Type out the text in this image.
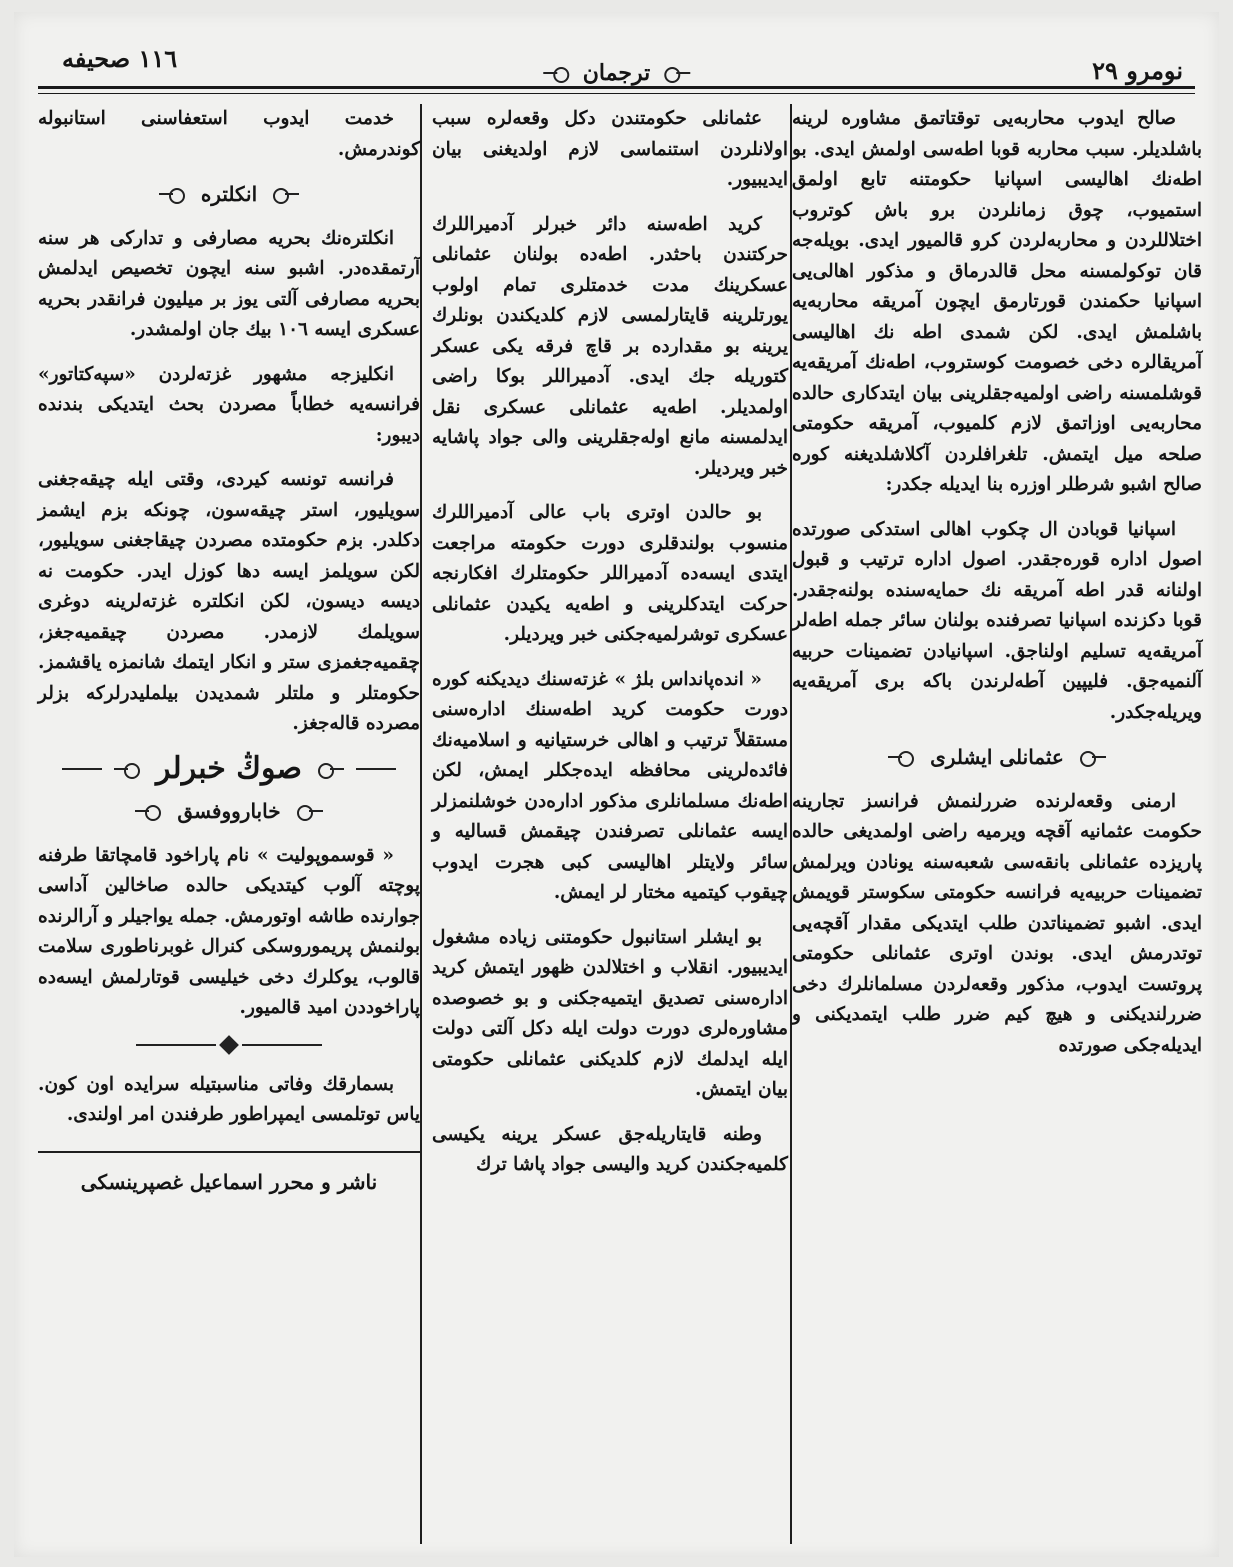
نومرو ٢٩
ترجمان
١١٦ صحيفه

صالح ايدوب محاربه‌يى توقتاتمق مشاوره لرينه باشلديلر. سبب محاربه قوبا اطه‌سى اولمش ايدى. بو اطه‌نك اهاليسى اسپانيا حكومتنه تابع اولمق استميوب، چوق زمانلردن برو باش كوتروب اختلاللردن و محاربه‌لردن كرو قالميور ايدى. بويله‌جه قان توكولمسنه محل قالدرماق و مذكور اهالى‌يى اسپانيا حكمندن قورتارمق ايچون آمريقه محاربه‌يه باشلمش ايدى. لكن شمدى اطه نك اهاليسى آمريقالره دخى خصومت كوستروب، اطه‌نك آمريقه‌يه قوشلمسنه راضى اولميه‌جقلرينى بيان ايتدكارى حالده محاربه‌يى اوزاتمق لازم كلميوب، آمريقه حكومتى صلحه ميل ايتمش. تلغرافلردن آكلاشلديغنه كوره صالح اشبو شرطلر اوزره بنا ايديله جكدر:

اسپانيا قوبادن ال چكوب اهالى استدكى صورتده اصول اداره قوره‌جقدر. اصول اداره ترتيب و قبول اولنانه قدر اطه آمريقه نك حمايه‌سنده بولنه‌جقدر. قوبا دكزنده اسپانيا تصرفنده بولنان سائر جمله اطه‌لر آمريقه‌يه تسليم اولناجق. اسپانيادن تضمينات حربيه آلنميه‌جق. فليپين آطه‌لرندن باكه برى آمريقه‌يه ويريله‌جكدر.

عثمانلى ايشلرى

ارمنى وقعه‌لرنده ضررلنمش فرانسز تجارينه حكومت عثمانيه آقچه ويرميه راضى اولمديغى حالده پاريزده عثمانلى بانقه‌سى شعبه‌سنه يونادن ويرلمش تضمينات حربيه‌يه فرانسه حكومتى سكوستر قويمش ايدى. اشبو تضميناتدن طلب ايتديكى مقدار آقچه‌يى توتدرمش ايدى. بوندن اوترى عثمانلى حكومتى پروتست ايدوب، مذكور وقعه‌لردن مسلمانلرك دخى ضررلنديكنى و هيچ كيم ضرر طلب ايتمديكنى و ايديله‌جكى صورتده

عثمانلى حكومتندن دكل وقعه‌لره سبب اولانلردن استنماسى لازم اولديغنى بيان ايديبيور.

كريد اطه‌سنه دائر خبرلر آدميراللرك حركتندن باحثدر. اطه‌ده بولنان عثمانلى عسكرينك مدت خدمتلرى تمام اولوب يورتلرينه قايتارلمسى لازم كلديكندن بونلرك يرينه بو مقدارده بر قاچ فرقه يكى عسكر كتوريله جك ايدى. آدميراللر بوكا راضى اولمديلر. اطه‌يه عثمانلى عسكرى نقل ايدلمسنه مانع اوله‌جقلرينى والى جواد پاشايه خبر ويرديلر.

بو حالدن اوترى باب عالى آدميراللرك منسوب بولندقلرى دورت حكومته مراجعت ايتدى ايسه‌ده آدميراللر حكومتلرك افكارنجه حركت ايتدكلرينى و اطه‌يه يكيدن عثمانلى عسكرى توشرلميه‌جكنى خبر ويرديلر.

« انده‌پانداس بلژ » غزته‌سنك ديديكنه كوره دورت حكومت كريد اطه‌سنك اداره‌سنى مستقلاً ترتيب و اهالى خرستيانيه و اسلاميه‌نك فائده‌لرينى محافظه ايده‌جكلر ايمش، لكن اطه‌نك مسلمانلرى مذكور اداره‌دن خوشلنمزلر ايسه عثمانلى تصرفندن چيقمش قساليه و سائر ولايتلر اهاليسى كبى هجرت ايدوب چيقوب كيتميه مختار لر ايمش.

بو ايشلر استانبول حكومتنى زياده مشغول ايديبيور. انقلاب و اختلالدن ظهور ايتمش كريد اداره‌سنى تصديق ايتميه‌جكنى و بو خصوصده مشاوره‌لرى دورت دولت ايله دكل آلتى دولت ايله ايدلمك لازم كلديكنى عثمانلى حكومتى بيان ايتمش.

وطنه قايتاريله‌جق عسكر يرينه يكيسى كلميه‌جكندن كريد واليسى جواد پاشا ترك

خدمت ايدوب استعفاسنى استانبوله كوندرمش.

انكلتره

انكلتره‌نك بحريه مصارفى و تداركى هر سنه آرتمقده‌در. اشبو سنه ايچون تخصيص ايدلمش بحريه مصارفى آلتى يوز بر ميليون فرانقدر بحريه عسكرى ايسه ١٠٦ بيك جان اولمشدر.

انكليزجه مشهور غزته‌لردن «سپه‌كتاتور» فرانسه‌يه خطاباً مصردن بحث ايتديكى بندنده ديبور:

فرانسه تونسه كيردى، وقتى ايله چيقه‌جغنى سويليور، استر چيقه‌سون، چونكه بزم ايشمز دكلدر. بزم حكومتده مصردن چيقاجغنى سويليور، لكن سويلمز ايسه دها كوزل ايدر. حكومت نه ديسه ديسون، لكن انكلتره غزته‌لرينه دوغرى سويلمك لازمدر. مصردن چيقميه‌جغز، چقميه‌جغمزى ستر و انكار ايتمك شانمزه ياقشمز. حكومتلر و ملتلر شمديدن بيلمليدرلركه بزلر مصرده قاله‌جغز.

صوڭ خبرلر
خابارووفسق

« قوسموپوليت » نام پاراخود قامچاتقا طرفنه پوچته آلوب كيتديكى حالده صاخالين آداسى جوارنده طاشه اوتورمش. جمله يواجيلر و آرالرنده بولنمش پريموروسكى كنرال غوبرناطورى سلامت قالوب، يوكلرك دخى خيليسى قوتارلمش ايسه‌ده پاراخوددن اميد قالميور.

بسمارقك وفاتى مناسبتيله سرايده اون كون. ياس توتلمسى ايمپراطور طرفندن امر اولندى.

ناشر و محرر اسماعيل غصپرينسكى
